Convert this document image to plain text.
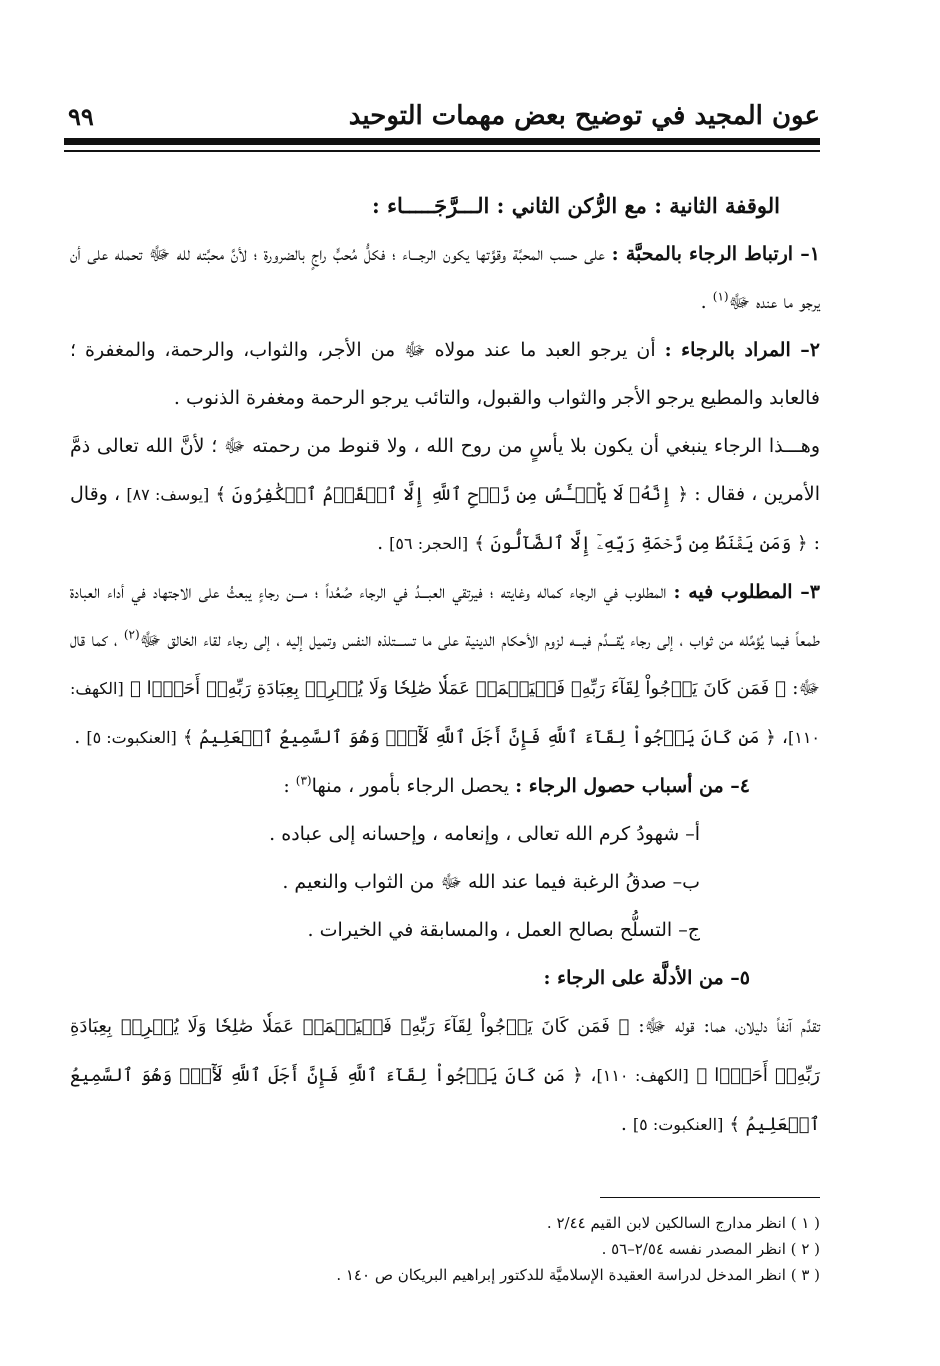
عون المجيد في توضيح بعض مهمات التوحيد
٩٩

الوقفة الثانية : مع الرُّكن الثاني : الـــرَّجَـــــاء :

١– ارتباط الرجاء بالمحبَّة : على حسب المحبَّة وقوَّتها يكون الرجـــاء ؛ فكلُّ مُحبٍّ راجٍ بالضرورة ؛ لأنَّ محبَّته لله ﷻ تحمله على أن يرجو ما عنده ﷻ$^{(١)}$ .

٢– المراد بالرجاء : أن يرجو العبد ما عند مولاه ﷻ من الأجر، والثواب، والرحمة، والمغفرة ؛ فالعابد والمطيع يرجو الأجر والثواب والقبول، والتائب يرجو الرحمة ومغفرة الذنوب .

وهـــذا الرجاء ينبغي أن يكون بلا يأسٍ من روح الله ، ولا قنوط من رحمته ﷻ ؛ لأنَّ الله تعالى ذمَّ الأمرين ، فقال : ﴿ إِنَّهُۥ لَا يَاْيۡـَٔسُ مِن رَّوۡحِ ٱللَّهِ إِلَّا ٱلۡقَوۡمُ ٱلۡكَٰفِرُونَ ﴾ [يوسف: ٨٧] ، وقال : ﴿ وَمَن يَقۡنَطُ مِن رَّحۡمَةِ رَبِّهِۦٓ إِلَّا ٱلضَّآلُّونَ ﴾ [الحجر: ٥٦] .

٣– المطلوب فيه : المطلوب في الرجاء كماله وغايته ؛ فيرتقي العبـــدُ في الرجاء صُعُداً ؛ مـــن رجاءٍ يبعثُ على الاجتهاد في أداء العبادة طمعاً فيما يُؤمِّله من ثواب ، إلى رجاء يُقـــدِّم فيـــه لزوم الأحكام الدينية على ما تســـتلذه النفس وتميل إليه ، إلى رجاء لقاء الخالق ﷻ$^{(٢)}$ ، كما قال ﷻ: ﴿ فَمَن كَانَ يَرۡجُواْ لِقَآءَ رَبِّهِۦ فَلۡيَعۡمَلۡ عَمَلٗا صَٰلِحٗا وَلَا يُشۡرِكۡ بِعِبَادَةِ رَبِّهِۦٓ أَحَدَۢا ﴾ [الكهف: ١١٠]، ﴿ مَن كَانَ يَرۡجُواْ لِقَآءَ ٱللَّهِ فَإِنَّ أَجَلَ ٱللَّهِ لَأٓتٖۚ وَهُوَ ٱلسَّمِيعُ ٱلۡعَلِيمُ ﴾ [العنكبوت: ٥] .

٤– من أسباب حصول الرجاء : يحصل الرجاء بأمور ، منها$^{(٣)}$ :

أ– شهودُ كرم الله تعالى ، وإنعامه ، وإحسانه إلى عباده .

ب– صدقُ الرغبة فيما عند الله ﷻ من الثواب والنعيم .

ج– التسلُّح بصالح العمل ، والمسابقة في الخيرات .

٥– من الأدلَّة على الرجاء :

تقدَّم آنفاً دليلان، هما: قوله ﷻ: ﴿ فَمَن كَانَ يَرۡجُواْ لِقَآءَ رَبِّهِۦ فَلۡيَعۡمَلۡ عَمَلٗا صَٰلِحٗا وَلَا يُشۡرِكۡ بِعِبَادَةِ رَبِّهِۦٓ أَحَدَۢا ﴾ [الكهف: ١١٠]، ﴿ مَن كَانَ يَرۡجُواْ لِقَآءَ ٱللَّهِ فَإِنَّ أَجَلَ ٱللَّهِ لَأٓتٖۚ وَهُوَ ٱلسَّمِيعُ ٱلۡعَلِيمُ ﴾ [العنكبوت: ٥] .

( ١ ) انظر مدارج السالكين لابن القيم ٢/٤٤ .

( ٢ ) انظر المصدر نفسه ٢/٥٤–٥٦ .

( ٣ ) انظر المدخل لدراسة العقيدة الإسلاميَّة للدكتور إبراهيم البريكان ص ١٤٠ .
